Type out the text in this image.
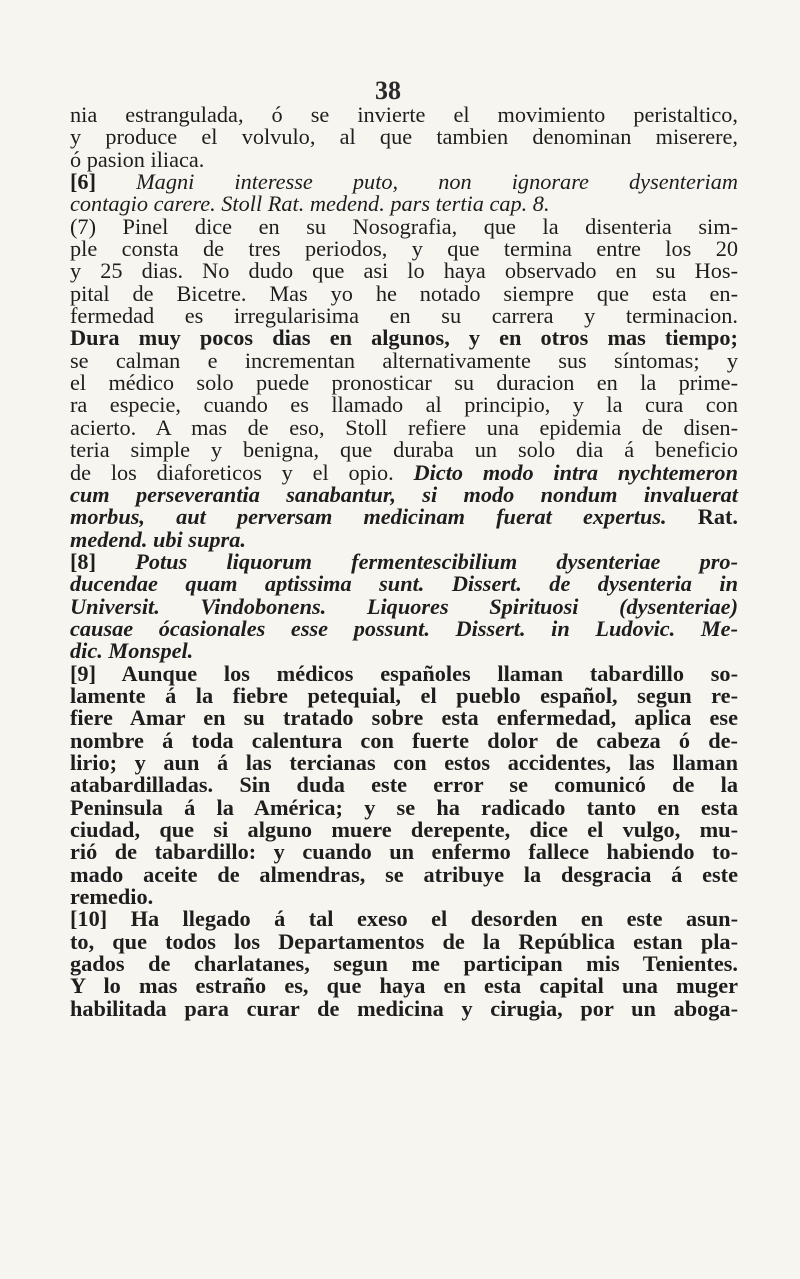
38
nia estrangulada, ó se invierte el movimiento peristaltico,
y produce el volvulo, al que tambien denominan miserere,
ó pasion iliaca.
[6] Magni interesse puto, non ignorare dysenteriam
contagio carere. Stoll Rat. medend. pars tertia cap. 8.
(7) Pinel dice en su Nosografia, que la disenteria sim-
ple consta de tres periodos, y que termina entre los 20
y 25 dias. No dudo que asi lo haya observado en su Hos-
pital de Bicetre. Mas yo he notado siempre que esta en-
fermedad es irregularisima en su carrera y terminacion.
Dura muy pocos dias en algunos, y en otros mas tiempo;
se calman e incrementan alternativamente sus síntomas; y
el médico solo puede pronosticar su duracion en la prime-
ra especie, cuando es llamado al principio, y la cura con
acierto. A mas de eso, Stoll refiere una epidemia de disen-
teria simple y benigna, que duraba un solo dia á beneficio
de los diaforeticos y el opio. Dicto modo intra nychtemeron
cum perseverantia sanabantur, si modo nondum invaluerat
morbus, aut perversam medicinam fuerat expertus. Rat.
medend. ubi supra.
[8] Potus liquorum fermentescibilium dysenteriae pro-
ducendae quam aptissima sunt. Dissert. de dysenteria in
Universit. Vindobonens. Liquores Spirituosi (dysenteriae)
causae ócasionales esse possunt. Dissert. in Ludovic. Me-
dic. Monspel.
[9] Aunque los médicos españoles llaman tabardillo so-
lamente á la fiebre petequial, el pueblo español, segun re-
fiere Amar en su tratado sobre esta enfermedad, aplica ese
nombre á toda calentura con fuerte dolor de cabeza ó de-
lirio; y aun á las tercianas con estos accidentes, las llaman
atabardilladas. Sin duda este error se comunicó de la
Peninsula á la América; y se ha radicado tanto en esta
ciudad, que si alguno muere derepente, dice el vulgo, mu-
rió de tabardillo: y cuando un enfermo fallece habiendo to-
mado aceite de almendras, se atribuye la desgracia á este
remedio.
[10] Ha llegado á tal exeso el desorden en este asun-
to, que todos los Departamentos de la República estan pla-
gados de charlatanes, segun me participan mis Tenientes.
Y lo mas estraño es, que haya en esta capital una muger
habilitada para curar de medicina y cirugia, por un aboga-
